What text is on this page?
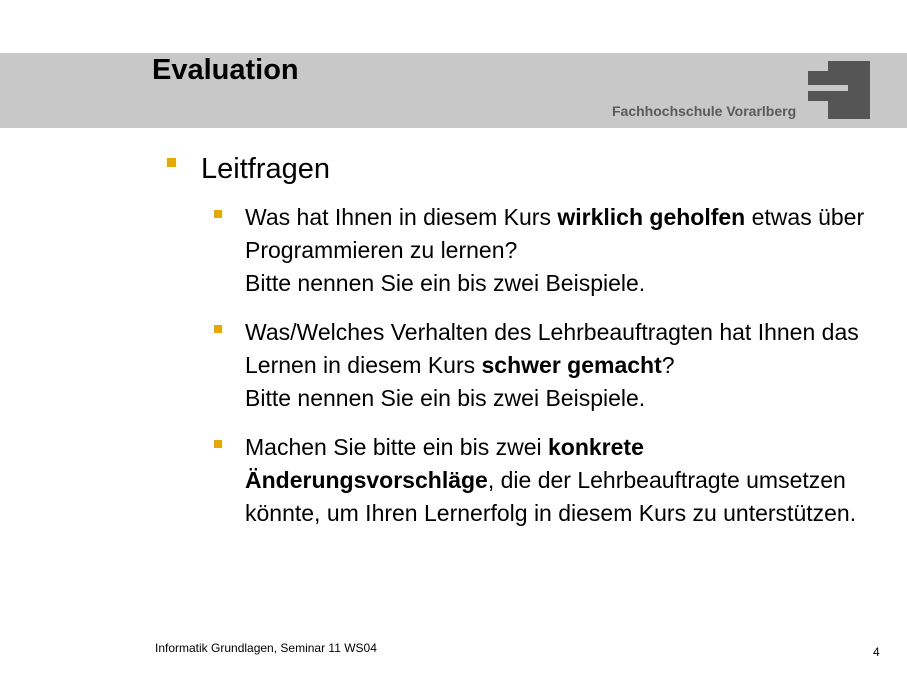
Evaluation
Fachhochschule Vorarlberg
Leitfragen
Was hat Ihnen in diesem Kurs wirklich geholfen etwas über Programmieren zu lernen?
Bitte nennen Sie ein bis zwei Beispiele.
Was/Welches Verhalten des Lehrbeauftragten hat Ihnen das Lernen in diesem Kurs schwer gemacht?
Bitte nennen Sie ein bis zwei Beispiele.
Machen Sie bitte ein bis zwei konkrete Änderungsvorschläge, die der Lehrbeauftragte umsetzen könnte, um Ihren Lernerfolg in diesem Kurs zu unterstützen.
Informatik Grundlagen, Seminar 11 WS04	4
